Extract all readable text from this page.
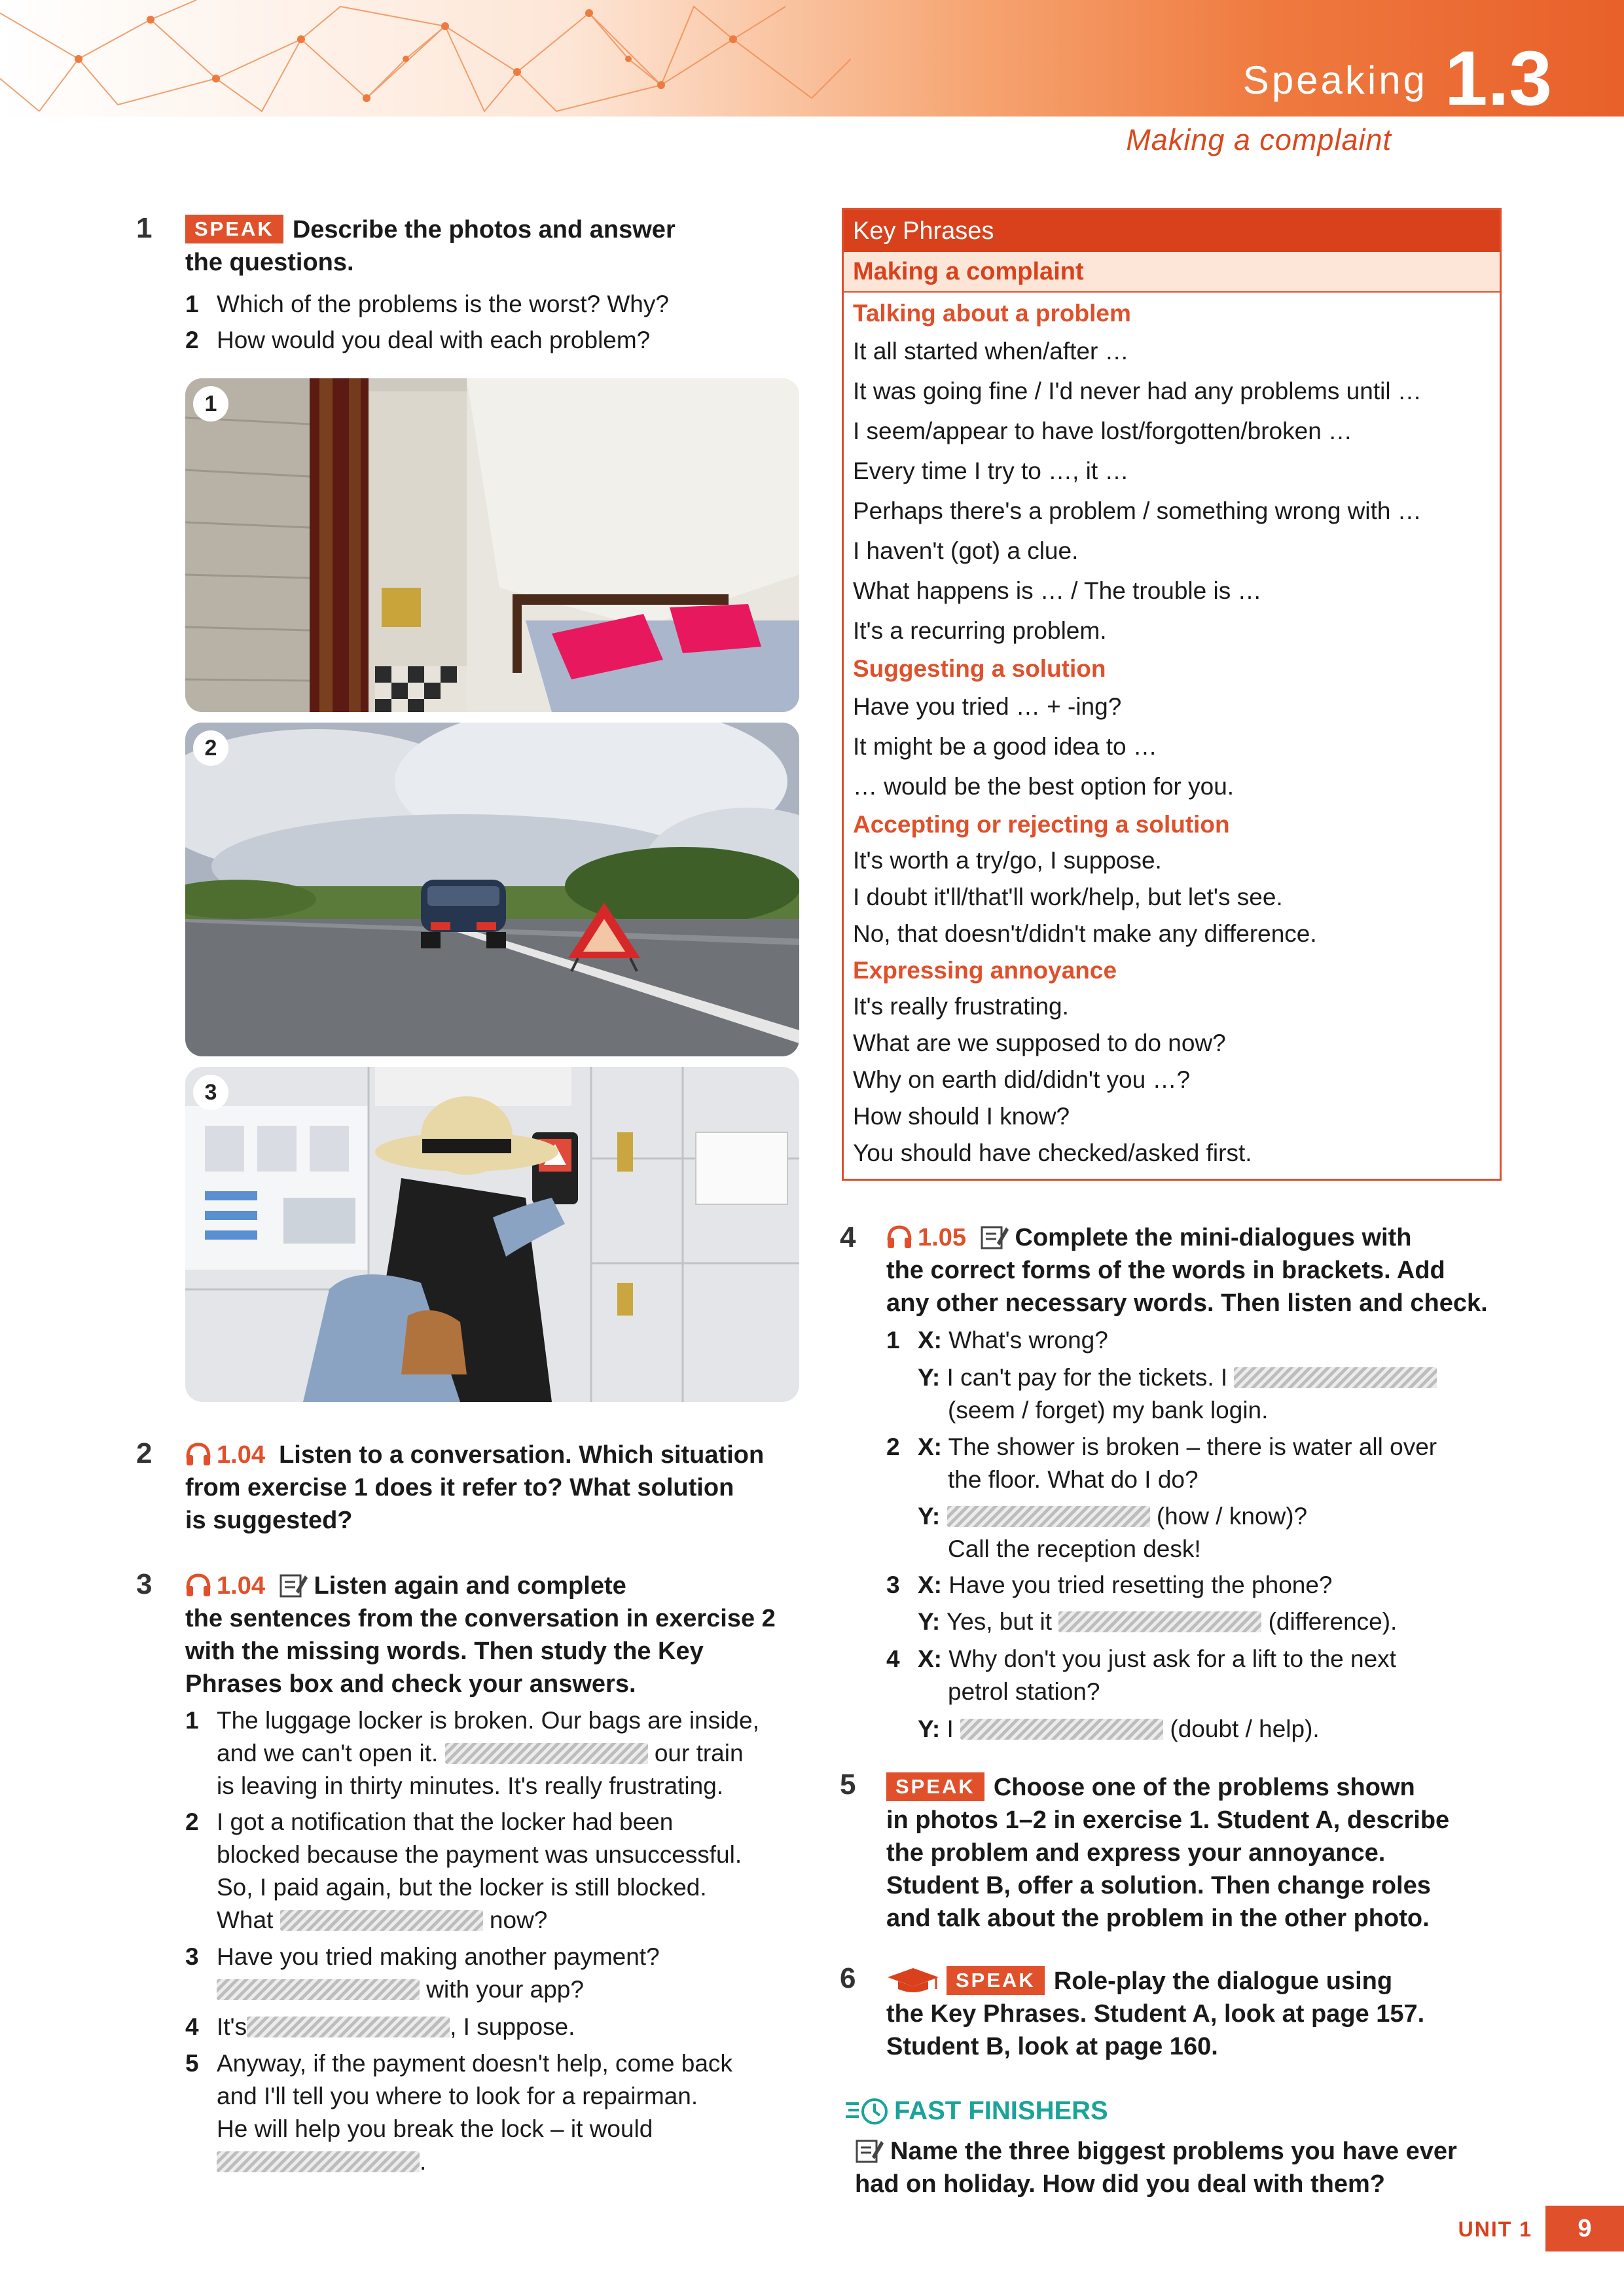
Speaking 1.3
Making a complaint
1	SPEAK Describe the photos and answer
the questions.
1 Which of the problems is the worst? Why?
2 How would you deal with each problem?
1
2
3
2	1.04 Listen to a conversation. Which situation
from exercise 1 does it refer to? What solution
is suggested?
3	1.04 Listen again and complete
the sentences from the conversation in exercise 2
with the missing words. Then study the Key
Phrases box and check your answers.
1 The luggage locker is broken. Our bags are inside,
and we can't open it.	our train
is leaving in thirty minutes. It's really frustrating.
2 I got a notification that the locker had been
blocked because the payment was unsuccessful.
So, I paid again, but the locker is still blocked.
What	now?
3 Have you tried making another payment?
with your app?
4 It's	, I suppose.
5 Anyway, if the payment doesn't help, come back
and I'll tell you where to look for a repairman.
He will help you break the lock – it would
.
Key Phrases
Making a complaint
Talking about a problem
It all started when/after …
It was going fine / I'd never had any problems until …
I seem/appear to have lost/forgotten/broken …
Every time I try to …, it …
Perhaps there's a problem / something wrong with …
I haven't (got) a clue.
What happens is … / The trouble is …
It's a recurring problem.
Suggesting a solution
Have you tried … + -ing?
It might be a good idea to …
… would be the best option for you.
Accepting or rejecting a solution
It's worth a try/go, I suppose.
I doubt it'll/that'll work/help, but let's see.
No, that doesn't/didn't make any difference.
Expressing annoyance
It's really frustrating.
What are we supposed to do now?
Why on earth did/didn't you …?
How should I know?
You should have checked/asked first.
4	1.05 Complete the mini-dialogues with
the correct forms of the words in brackets. Add
any other necessary words. Then listen and check.
1 X: What's wrong?
Y: I can't pay for the tickets. I
(seem / forget) my bank login.
2 X: The shower is broken – there is water all over
the floor. What do I do?
Y:	(how / know)?
Call the reception desk!
3 X: Have you tried resetting the phone?
Y: Yes, but it	(difference).
4 X: Why don't you just ask for a lift to the next
petrol station?
Y: I	(doubt / help).
5	SPEAK Choose one of the problems shown
in photos 1–2 in exercise 1. Student A, describe
the problem and express your annoyance.
Student B, offer a solution. Then change roles
and talk about the problem in the other photo.
6	SPEAK Role-play the dialogue using
the Key Phrases. Student A, look at page 157.
Student B, look at page 160.
FAST FINISHERS
Name the three biggest problems you have ever
had on holiday. How did you deal with them?
UNIT 1	9
